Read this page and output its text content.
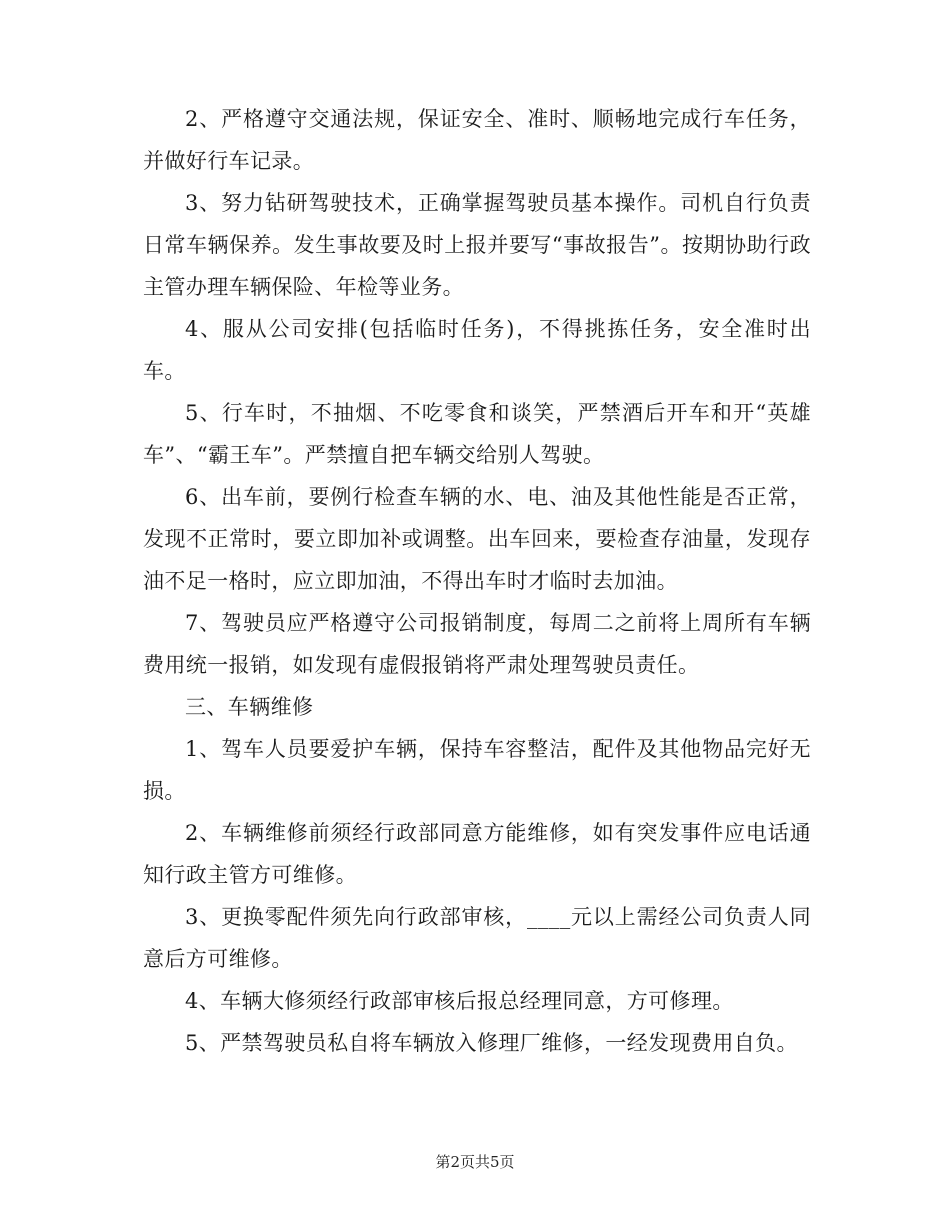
2、严格遵守交通法规，保证安全、准时、顺畅地完成行车任务，并做好行车记录。

3、努力钻研驾驶技术，正确掌握驾驶员基本操作。司机自行负责日常车辆保养。发生事故要及时上报并要写“事故报告”。按期协助行政主管办理车辆保险、年检等业务。

4、服从公司安排(包括临时任务)，不得挑拣任务，安全准时出车。

5、行车时，不抽烟、不吃零食和谈笑，严禁酒后开车和开“英雄车”、“霸王车”。严禁擅自把车辆交给别人驾驶。

6、出车前，要例行检查车辆的水、电、油及其他性能是否正常，发现不正常时，要立即加补或调整。出车回来，要检查存油量，发现存油不足一格时，应立即加油，不得出车时才临时去加油。

7、驾驶员应严格遵守公司报销制度，每周二之前将上周所有车辆费用统一报销，如发现有虚假报销将严肃处理驾驶员责任。

三、车辆维修

1、驾车人员要爱护车辆，保持车容整洁，配件及其他物品完好无损。

2、车辆维修前须经行政部同意方能维修，如有突发事件应电话通知行政主管方可维修。

3、更换零配件须先向行政部审核，____元以上需经公司负责人同意后方可维修。

4、车辆大修须经行政部审核后报总经理同意，方可修理。

5、严禁驾驶员私自将车辆放入修理厂维修，一经发现费用自负。

第2页共5页
